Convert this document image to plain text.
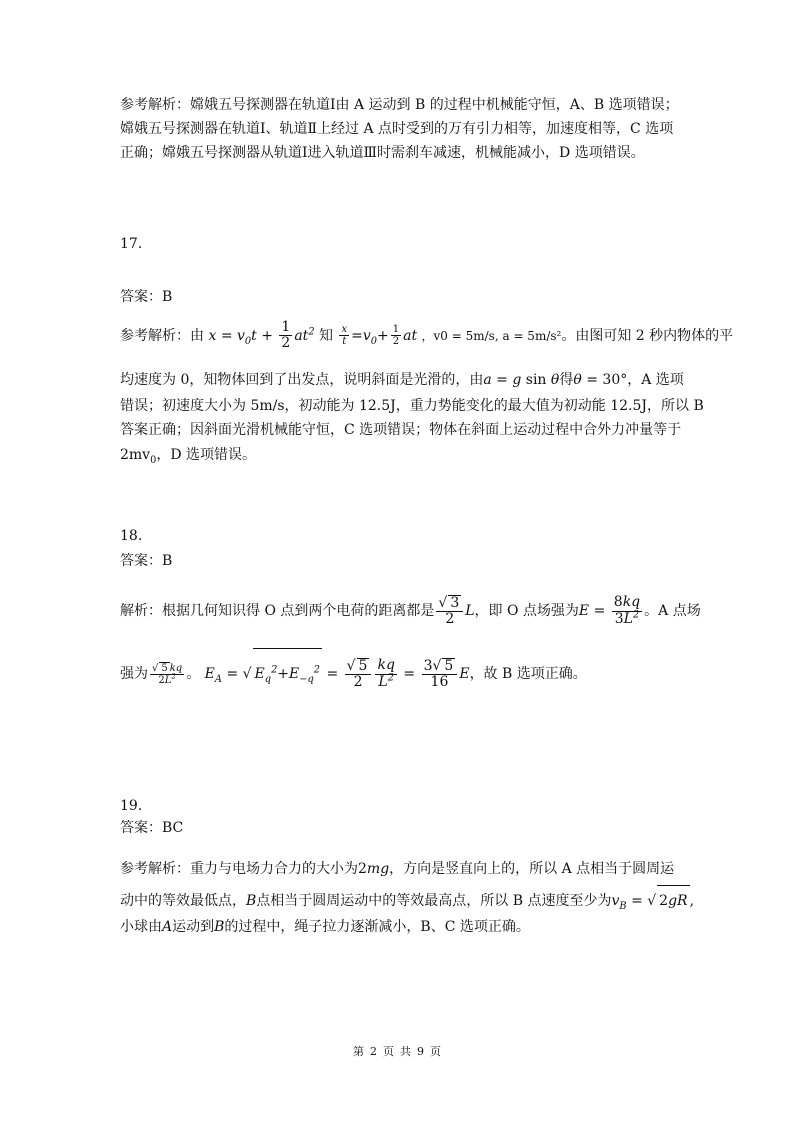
参考解析：嫦娥五号探测器在轨道Ⅰ由 A 运动到 B 的过程中机械能守恒，A、B 选项错误；
嫦娥五号探测器在轨道Ⅰ、轨道Ⅱ上经过 A 点时受到的万有引力相等，加速度相等，C 选项
正确；嫦娥五号探测器从轨道Ⅰ进入轨道Ⅲ时需刹车减速，机械能减小，D 选项错误。
17.
答案：B
参考解析：由 $x = v_0t + \frac{1}{2} at^2$ 知 $\frac{x}{t} =v_0+ \frac{1}{2}$ at ，v0 = 5m/s, a = 5m/s²。由图可知 2 秒内物体的平
均速度为 0，知物体回到了出发点，说明斜面是光滑的，由a = g sin θ得θ = 30°，A 选项
错误；初速度大小为 5m/s，初动能为 12.5J，重力势能变化的最大值为初动能 12.5J，所以 B
答案正确；因斜面光滑机械能守恒，C 选项错误；物体在斜面上运动过程中合外力冲量等于
$2mv_0$，D 选项错误。
18.
答案：B
解析：根据几何知识得 O 点到两个电荷的距离都是 $\frac{√ 3}{2}$ L，即 O 点场强为$E = \frac{8kq}{3L^2}$ 。A 点场
强为 $\frac{√ 5 kq}{2L^2}$ 。 $E_A$ = √ $E_q^2+E_{-q}^2 = \frac{√ 5}{2} \frac{kq}{L^2} = \frac{3√ 5}{16}$ E，故 B 选项正确。
19.
答案：BC
参考解析：重力与电场力合力的大小为2mg，方向是竖直向上的，所以 A 点相当于圆周运
动中的等效最低点，B点相当于圆周运动中的等效最高点，所以 B 点速度至少为$v_B$ = √ 2gR ,
小球由A运动到B的过程中，绳子拉力逐渐减小，B、C 选项正确。
第 2 页 共 9 页
